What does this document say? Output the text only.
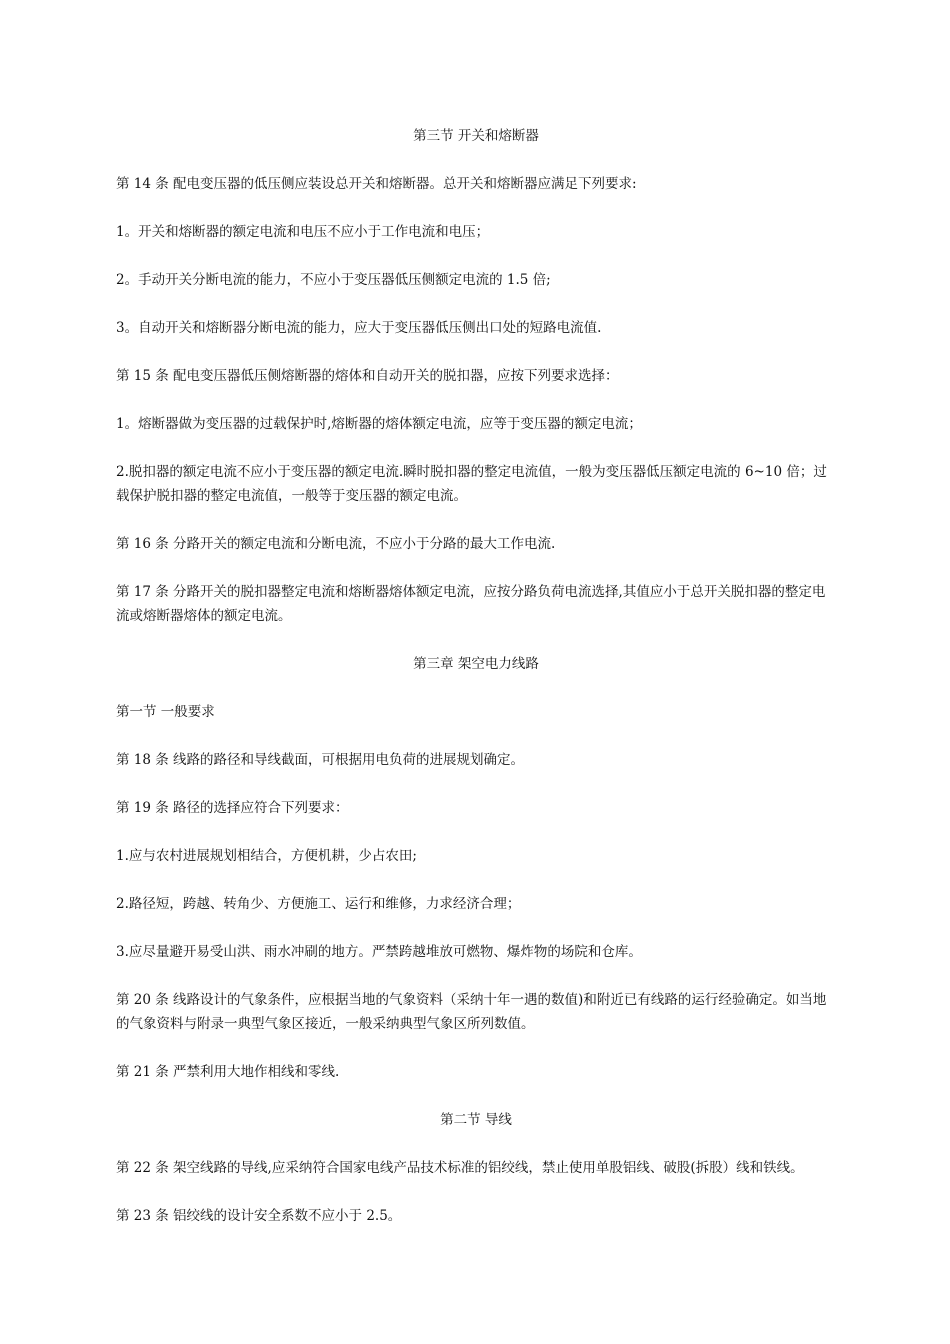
第三节 开关和熔断器

第 14 条 配电变压器的低压侧应装设总开关和熔断器。总开关和熔断器应满足下列要求:

1。开关和熔断器的额定电流和电压不应小于工作电流和电压；

2。手动开关分断电流的能力，不应小于变压器低压侧额定电流的 1.5 倍;

3。自动开关和熔断器分断电流的能力，应大于变压器低压侧出口处的短路电流值.

第 15 条 配电变压器低压侧熔断器的熔体和自动开关的脱扣器，应按下列要求选择：

1。熔断器做为变压器的过载保护时,熔断器的熔体额定电流，应等于变压器的额定电流；

2.脱扣器的额定电流不应小于变压器的额定电流.瞬时脱扣器的整定电流值，一般为变压器低压额定电流的 6~10 倍；过载保护脱扣器的整定电流值，一般等于变压器的额定电流。

第 16 条 分路开关的额定电流和分断电流，不应小于分路的最大工作电流.

第 17 条 分路开关的脱扣器整定电流和熔断器熔体额定电流，应按分路负荷电流选择,其值应小于总开关脱扣器的整定电流或熔断器熔体的额定电流。

第三章 架空电力线路

第一节 一般要求

第 18 条 线路的路径和导线截面，可根据用电负荷的进展规划确定。

第 19 条 路径的选择应符合下列要求：

1.应与农村进展规划相结合，方便机耕，少占农田;

2.路径短，跨越、转角少、方便施工、运行和维修，力求经济合理；

3.应尽量避开易受山洪、雨水冲刷的地方。严禁跨越堆放可燃物、爆炸物的场院和仓库。

第 20 条 线路设计的气象条件，应根据当地的气象资料（采纳十年一遇的数值)和附近已有线路的运行经验确定。如当地的气象资料与附录一典型气象区接近，一般采纳典型气象区所列数值。

第 21 条 严禁利用大地作相线和零线.

第二节 导线

第 22 条 架空线路的导线,应采纳符合国家电线产品技术标准的铝绞线，禁止使用单股铝线、破股(拆股）线和铁线。

第 23 条 铝绞线的设计安全系数不应小于 2.5。
